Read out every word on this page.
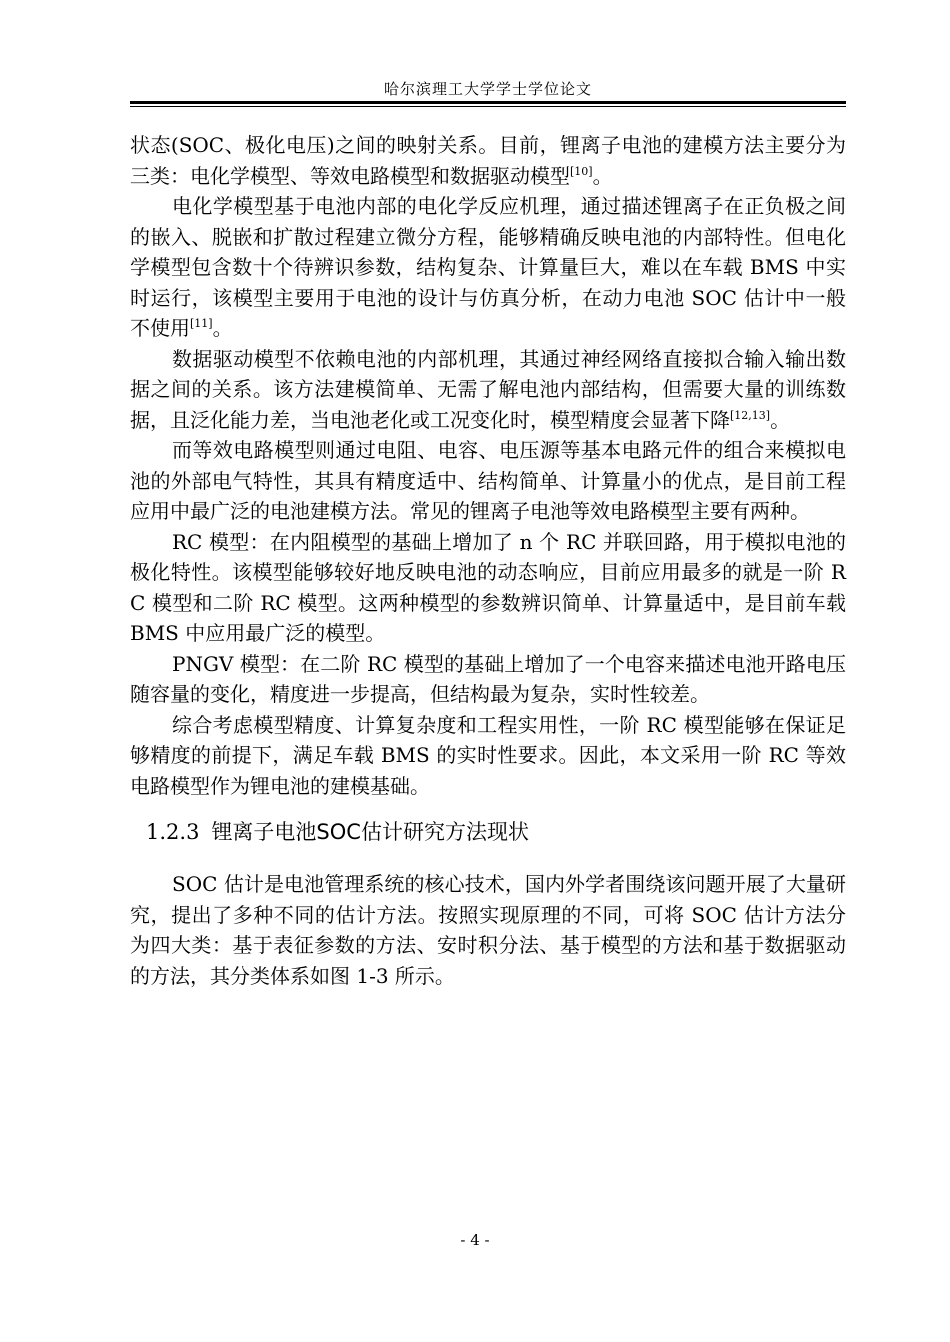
哈尔滨理工大学学士学位论文

状态(SOC、极化电压)之间的映射关系。目前，锂离子电池的建模方法主要分为三类：电化学模型、等效电路模型和数据驱动模型[10]。

电化学模型基于电池内部的电化学反应机理，通过描述锂离子在正负极之间的嵌入、脱嵌和扩散过程建立微分方程，能够精确反映电池的内部特性。但电化学模型包含数十个待辨识参数，结构复杂、计算量巨大，难以在车载 BMS 中实时运行，该模型主要用于电池的设计与仿真分析，在动力电池 SOC 估计中一般不使用[11]。

数据驱动模型不依赖电池的内部机理，其通过神经网络直接拟合输入输出数据之间的关系。该方法建模简单、无需了解电池内部结构，但需要大量的训练数据，且泛化能力差，当电池老化或工况变化时，模型精度会显著下降[12,13]。

而等效电路模型则通过电阻、电容、电压源等基本电路元件的组合来模拟电池的外部电气特性，其具有精度适中、结构简单、计算量小的优点，是目前工程应用中最广泛的电池建模方法。常见的锂离子电池等效电路模型主要有两种。

RC 模型：在内阻模型的基础上增加了 n 个 RC 并联回路，用于模拟电池的极化特性。该模型能够较好地反映电池的动态响应，目前应用最多的就是一阶 RC 模型和二阶 RC 模型。这两种模型的参数辨识简单、计算量适中，是目前车载 BMS 中应用最广泛的模型。

PNGV 模型：在二阶 RC 模型的基础上增加了一个电容来描述电池开路电压随容量的变化，精度进一步提高，但结构最为复杂，实时性较差。

综合考虑模型精度、计算复杂度和工程实用性，一阶 RC 模型能够在保证足够精度的前提下，满足车载 BMS 的实时性要求。因此，本文采用一阶 RC 等效电路模型作为锂电池的建模基础。

1.2.3 锂离子电池SOC估计研究方法现状

SOC 估计是电池管理系统的核心技术，国内外学者围绕该问题开展了大量研究，提出了多种不同的估计方法。按照实现原理的不同，可将 SOC 估计方法分为四大类：基于表征参数的方法、安时积分法、基于模型的方法和基于数据驱动的方法，其分类体系如图 1-3 所示。

- 4 -
